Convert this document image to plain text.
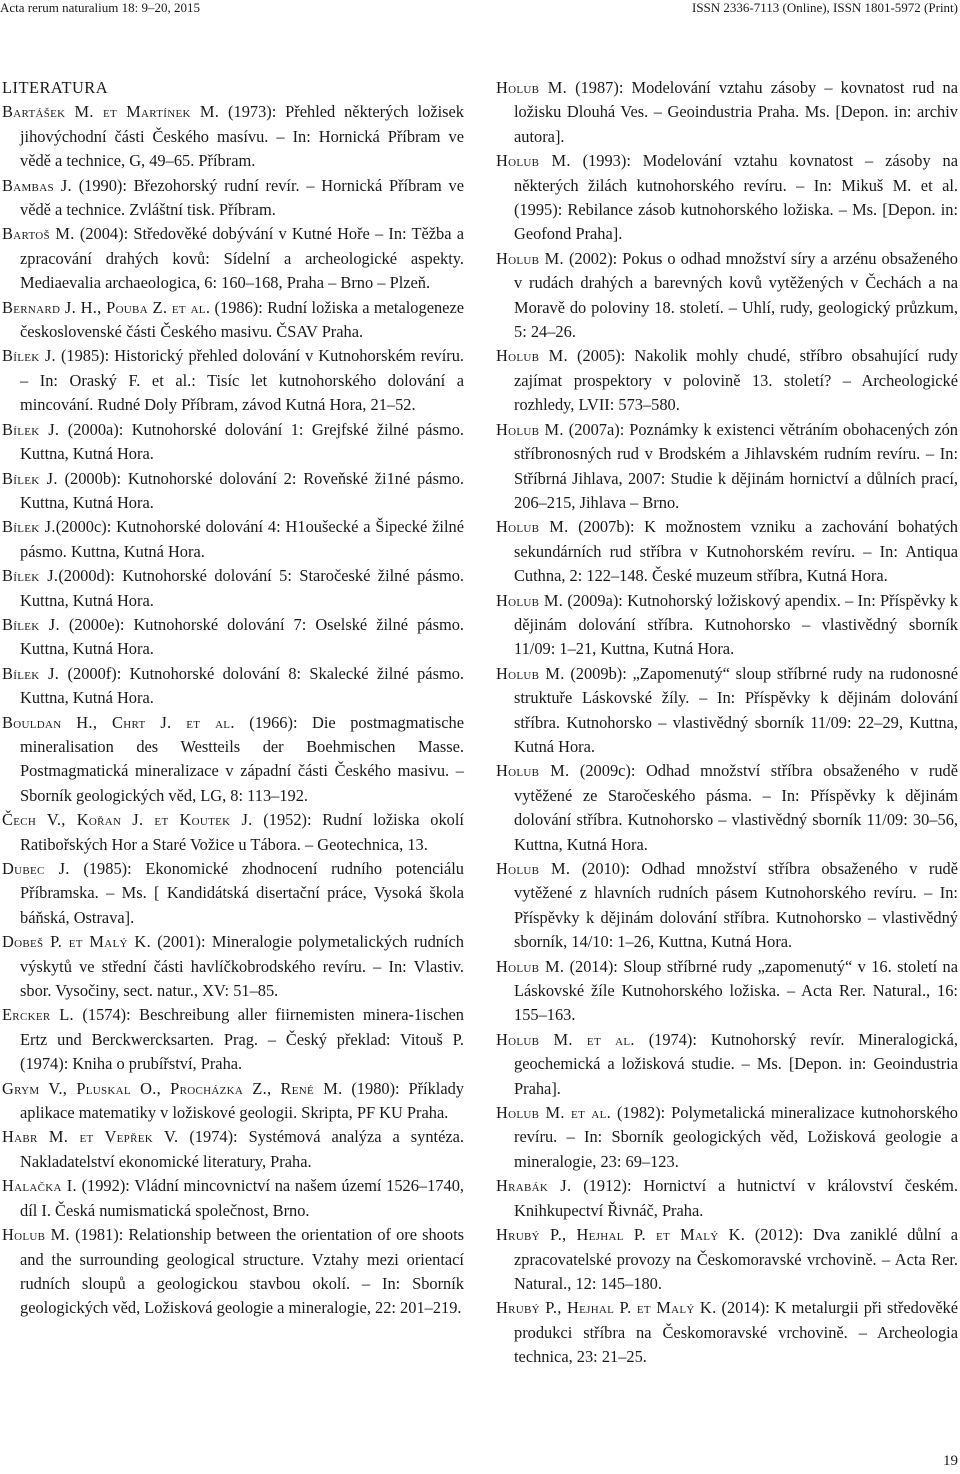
Acta rerum naturalium 18: 9–20, 2015	ISSN 2336-7113 (Online), ISSN 1801-5972 (Print)
LITERATURA

Bartášek M. et Martínek M. (1973): Přehled některých ložisek jihovýchodní části Českého masívu. – In: Hornická Příbram ve vědě a technice, G, 49–65. Příbram.

Bambas J. (1990): Březohorský rudní revír. – Hornická Příbram ve vědě a technice. Zvláštní tisk. Příbram.

Bartoš M. (2004): Středověké dobývání v Kutné Hoře – In: Těžba a zpracování drahých kovů: Sídelní a archeologické aspekty. Mediaevalia archaeologica, 6: 160–168, Praha – Brno – Plzeň.

Bernard J. H., Pouba Z. et al. (1986): Rudní ložiska a metalogeneze československé části Českého masivu. ČSAV Praha.

Bílek J. (1985): Historický přehled dolování v Kutnohorském revíru. – In: Oraský F. et al.: Tisíc let kutnohorského dolování a mincování. Rudné Doly Příbram, závod Kutná Hora, 21–52.

Bílek J. (2000a): Kutnohorské dolování 1: Grejfské žilné pásmo. Kuttna, Kutná Hora.

Bílek J. (2000b): Kutnohorské dolování 2: Roveňské ži1né pásmo. Kuttna, Kutná Hora.

Bílek J.(2000c): Kutnohorské dolování 4: H1oušecké a Šipecké žilné pásmo. Kuttna, Kutná Hora.

Bílek J.(2000d): Kutnohorské dolování 5: Staročeské žilné pásmo. Kuttna, Kutná Hora.

Bílek J. (2000e): Kutnohorské dolování 7: Oselské žilné pásmo. Kuttna, Kutná Hora.

Bílek J. (2000f): Kutnohorské dolování 8: Skalecké žilné pásmo. Kuttna, Kutná Hora.

Bouldan H., Chrt J. et al. (1966): Die postmagmatische mineralisation des Westteils der Boehmischen Masse. Postmagmatická mineralizace v západní části Českého masivu. – Sborník geologických věd, LG, 8: 113–192.

Čech V., Kořan J. et Koutek J. (1952): Rudní ložiska okolí Ratibořských Hor a Staré Vožice u Tábora. – Geotechnica, 13.

Dubec J. (1985): Ekonomické zhodnocení rudního potenciálu Příbramska. – Ms. [ Kandidátská disertační práce, Vysoká škola báňská, Ostrava].

Dobeš P. et Malý K. (2001): Mineralogie polymetalických rudních výskytů ve střední části havlíčkobrodského revíru. – In: Vlastiv. sbor. Vysočiny, sect. natur., XV: 51–85.

Ercker L. (1574): Beschreibung aller fiirnemisten minera-1ischen Ertz und Berckwercksarten. Prag. – Český překlad: Vitouš P. (1974): Kniha o prubířství, Praha.

Grym V., Pluskal O., Procházka Z., René M. (1980): Příklady aplikace matematiky v ložiskové geologii. Skripta, PF KU Praha.

Habr M. et Vepřek V. (1974): Systémová analýza a syntéza. Nakladatelství ekonomické literatury, Praha.

Halačka I. (1992): Vládní mincovnictví na našem území 1526–1740, díl I. Česká numismatická společnost, Brno.

Holub M. (1981): Relationship between the orientation of ore shoots and the surrounding geological structure. Vztahy mezi orientací rudních sloupů a geologickou stavbou okolí. – In: Sborník geologických věd, Ložisková geologie a mineralogie, 22: 201–219.

Holub M. (1987): Modelování vztahu zásoby – kovnatost rud na ložisku Dlouhá Ves. – Geoindustria Praha. Ms. [Depon. in: archiv autora].

Holub M. (1993): Modelování vztahu kovnatost – zásoby na některých žilách kutnohorského revíru. – In: Mikuš M. et al. (1995): Rebilance zásob kutnohorského ložiska. – Ms. [Depon. in: Geofond Praha].

Holub M. (2002): Pokus o odhad množství síry a arzénu obsaženého v rudách drahých a barevných kovů vytěžených v Čechách a na Moravě do poloviny 18. století. – Uhlí, rudy, geologický průzkum, 5: 24–26.

Holub M. (2005): Nakolik mohly chudé, stříbro obsahující rudy zajímat prospektory v polovině 13. století? – Archeologické rozhledy, LVII: 573–580.

Holub M. (2007a): Poznámky k existenci větráním obohacených zón stříbronosných rud v Brodském a Jihlavském rudním revíru. – In: Stříbrná Jihlava, 2007: Studie k dějinám hornictví a důlních prací, 206–215, Jihlava – Brno.

Holub M. (2007b): K možnostem vzniku a zachování bohatých sekundárních rud stříbra v Kutnohorském revíru. – In: Antiqua Cuthna, 2: 122–148. České muzeum stříbra, Kutná Hora.

Holub M. (2009a): Kutnohorský ložiskový apendix. – In: Příspěvky k dějinám dolování stříbra. Kutnohorsko – vlastivědný sborník 11/09: 1–21, Kuttna, Kutná Hora.

Holub M. (2009b): „Zapomenutý“ sloup stříbrné rudy na rudonosné struktuře Láskovské žíly. – In: Příspěvky k dějinám dolování stříbra. Kutnohorsko – vlastivědný sborník 11/09: 22–29, Kuttna, Kutná Hora.

Holub M. (2009c): Odhad množství stříbra obsaženého v rudě vytěžené ze Staročeského pásma. – In: Příspěvky k dějinám dolování stříbra. Kutnohorsko – vlastivědný sborník 11/09: 30–56, Kuttna, Kutná Hora.

Holub M. (2010): Odhad množství stříbra obsaženého v rudě vytěžené z hlavních rudních pásem Kutnohorského revíru. – In: Příspěvky k dějinám dolování stříbra. Kutnohorsko – vlastivědný sborník, 14/10: 1–26, Kuttna, Kutná Hora.

Holub M. (2014): Sloup stříbrné rudy „zapomenutý“ v 16. století na Láskovské žíle Kutnohorského ložiska. – Acta Rer. Natural., 16: 155–163.

Holub M. et al. (1974): Kutnohorský revír. Mineralogická, geochemická a ložisková studie. – Ms. [Depon. in: Geoindustria Praha].

Holub M. et al. (1982): Polymetalická mineralizace kutnohorského revíru. – In: Sborník geologických věd, Ložisková geologie a mineralogie, 23: 69–123.

Hrabák J. (1912): Hornictví a hutnictví v království českém. Knihkupectví Řivnáč, Praha.

Hrubý P., Hejhal P. et Malý K. (2012): Dva zaniklé důlní a zpracovatelské provozy na Českomoravské vrchovině. – Acta Rer. Natural., 12: 145–180.

Hrubý P., Hejhal P. et Malý K. (2014): K metalurgii při středověké produkci stříbra na Českomoravské vrchovině. – Archeologia technica, 23: 21–25.

19
